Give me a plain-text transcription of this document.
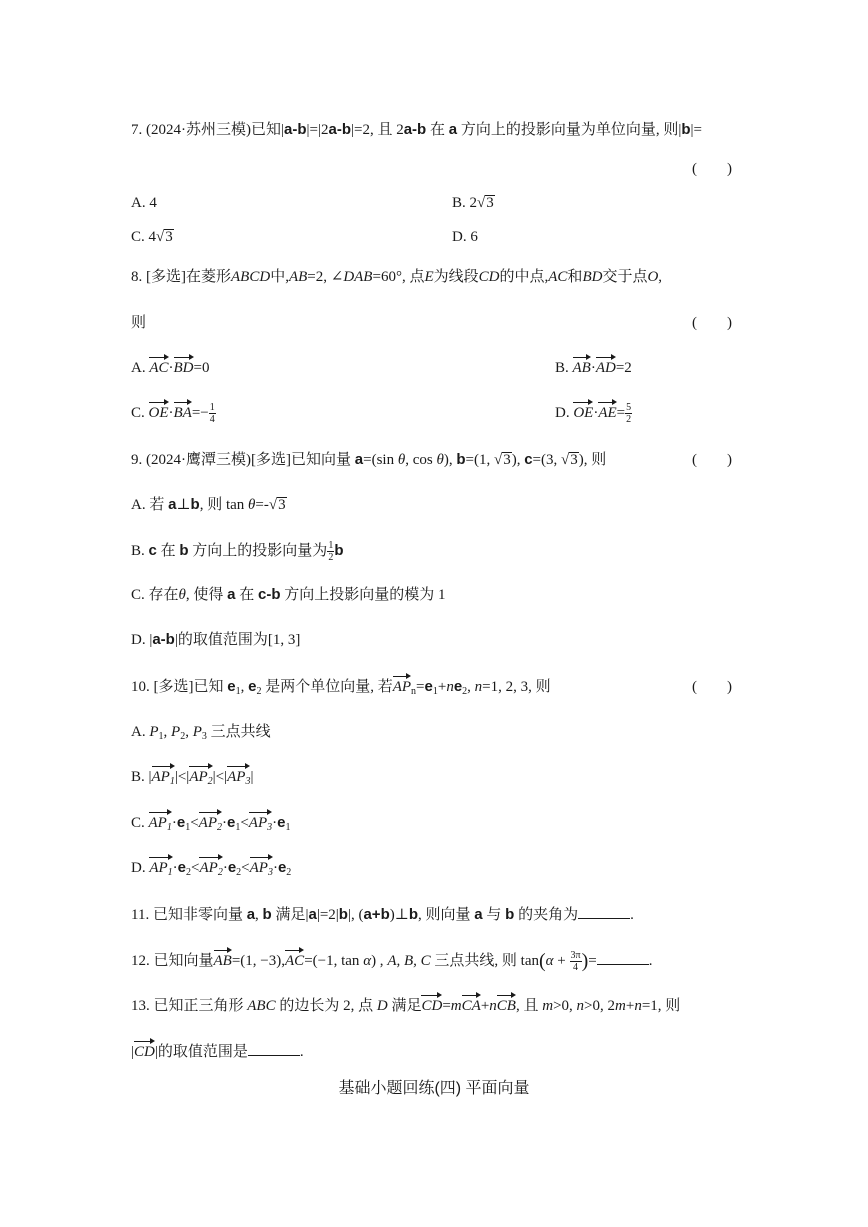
7. (2024·苏州三模)已知|a-b|=|2a-b|=2, 且 2a-b 在 a 方向上的投影向量为单位向量, 则|b|=
(        )
A. 4	B. 2√3
C. 4√3	D. 6
8. [多选]在菱形ABCD中,AB=2, ∠DAB=60°, 点E为线段CD的中点,AC和BD交于点O,
则	(        )
A. AC·BD=0	B. AB·AD=2
C. $OE\cdot BA=- \frac{1}{4}$	D. $OE\cdot AE= \frac{5}{2}$
9. (2024·鹰潭三模)[多选]已知向量 a=(sin θ, cos θ), b=(1, √3), c=(3, √3), 则	(        )
A. 若 a⊥b, 则 tan θ=-√3
B. c 在 b 方向上的投影向量为 $\frac{1}{2}$ b
C. 存在θ, 使得 a 在 c-b 方向上投影向量的模为 1
D. |a-b|的取值范围为[1, 3]
10. [多选]已知 $e_1$, $e_2$ 是两个单位向量, 若$AP_n=e_1+ne_2$, n=1, 2, 3, 则	(        )
A. $P_1$, $P_2$, $P_3$ 三点共线
B. $|AP_1|<|AP_2|<|AP_3|$
C. $AP_1\cdot e_1<AP_2\cdot e_1<AP_3\cdot e_1$
D. $AP_1\cdot e_2<AP_2\cdot e_2<AP_3\cdot e_2$
11. 已知非零向量 a, b 满足|a|=2|b|, (a+b)⊥b, 则向量 a 与 b 的夹角为	.
12. 已知向量AB=(1, −3),AC=(−1, tan α) , A, B, C 三点共线, 则 $\tan(\alpha + \frac{3\pi}{4}$ )=	.
13. 已知正三角形 ABC 的边长为 2, 点 D 满足CD=mCA+nCB, 且 m>0, n>0, 2m+n=1, 则
|CD|的取值范围是	.
基础小题回练(四) 平面向量
